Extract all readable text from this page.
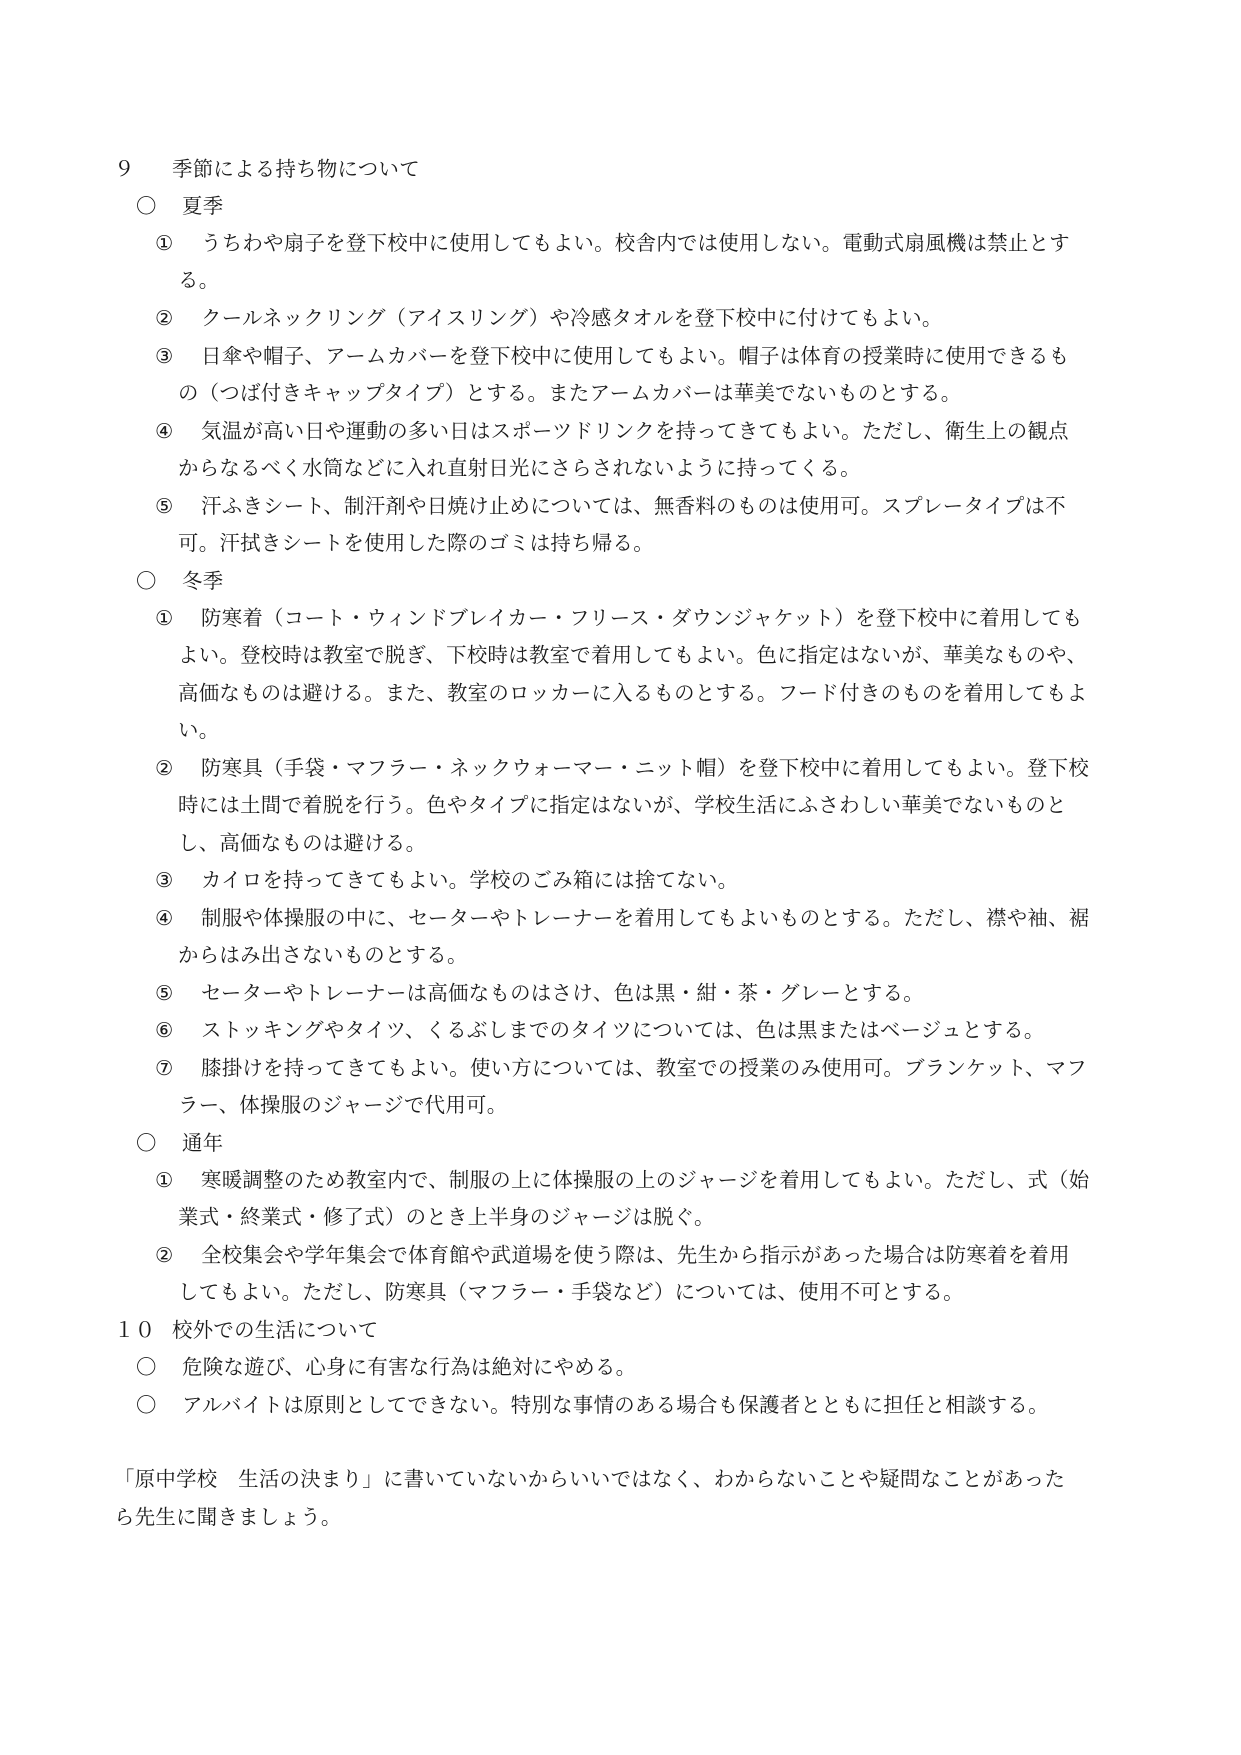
９ 季節による持ち物について
〇 夏季
① うちわや扇子を登下校中に使用してもよい。校舎内では使用しない。電動式扇風機は禁止とす
る。
② クールネックリング（アイスリング）や冷感タオルを登下校中に付けてもよい。
③ 日傘や帽子、アームカバーを登下校中に使用してもよい。帽子は体育の授業時に使用できるも
の（つば付きキャップタイプ）とする。またアームカバーは華美でないものとする。
④ 気温が高い日や運動の多い日はスポーツドリンクを持ってきてもよい。ただし、衛生上の観点
からなるべく水筒などに入れ直射日光にさらされないように持ってくる。
⑤ 汗ふきシート、制汗剤や日焼け止めについては、無香料のものは使用可。スプレータイプは不
可。汗拭きシートを使用した際のゴミは持ち帰る。
〇 冬季
① 防寒着（コート・ウィンドブレイカー・フリース・ダウンジャケット）を登下校中に着用しても
よい。登校時は教室で脱ぎ、下校時は教室で着用してもよい。色に指定はないが、華美なものや、
高価なものは避ける。また、教室のロッカーに入るものとする。フード付きのものを着用してもよ
い。
② 防寒具（手袋・マフラー・ネックウォーマー・ニット帽）を登下校中に着用してもよい。登下校
時には土間で着脱を行う。色やタイプに指定はないが、学校生活にふさわしい華美でないものと
し、高価なものは避ける。
③ カイロを持ってきてもよい。学校のごみ箱には捨てない。
④ 制服や体操服の中に、セーターやトレーナーを着用してもよいものとする。ただし、襟や袖、裾
からはみ出さないものとする。
⑤ セーターやトレーナーは高価なものはさけ、色は黒・紺・茶・グレーとする。
⑥ ストッキングやタイツ、くるぶしまでのタイツについては、色は黒またはベージュとする。
⑦ 膝掛けを持ってきてもよい。使い方については、教室での授業のみ使用可。ブランケット、マフ
ラー、体操服のジャージで代用可。
〇 通年
① 寒暖調整のため教室内で、制服の上に体操服の上のジャージを着用してもよい。ただし、式（始
業式・終業式・修了式）のとき上半身のジャージは脱ぐ。
② 全校集会や学年集会で体育館や武道場を使う際は、先生から指示があった場合は防寒着を着用
してもよい。ただし、防寒具（マフラー・手袋など）については、使用不可とする。
１０ 校外での生活について
〇 危険な遊び、心身に有害な行為は絶対にやめる。
〇 アルバイトは原則としてできない。特別な事情のある場合も保護者とともに担任と相談する。
「原中学校　生活の決まり」に書いていないからいいではなく、わからないことや疑問なことがあった
ら先生に聞きましょう。
